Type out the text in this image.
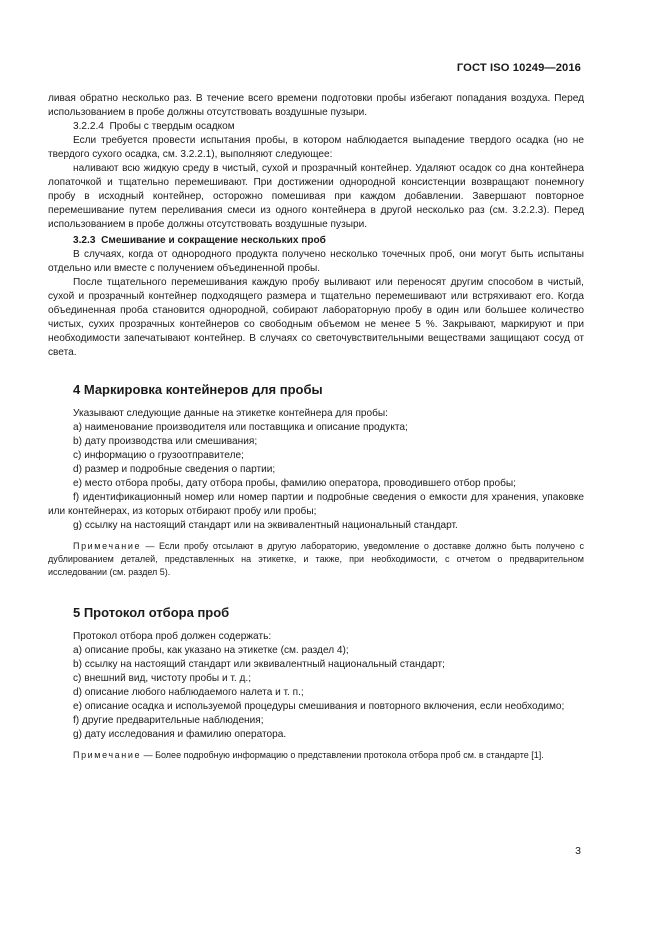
ГОСТ ISO 10249—2016

ливая обратно несколько раз. В течение всего времени подготовки пробы избегают попадания воздуха. Перед использованием в пробе должны отсутствовать воздушные пузыри.

3.2.2.4 Пробы с твердым осадком

Если требуется провести испытания пробы, в котором наблюдается выпадение твердого осадка (но не твердого сухого осадка, см. 3.2.2.1), выполняют следующее:

наливают всю жидкую среду в чистый, сухой и прозрачный контейнер. Удаляют осадок со дна контейнера лопаточкой и тщательно перемешивают. При достижении однородной консистенции возвращают понемногу пробу в исходный контейнер, осторожно помешивая при каждом добавлении. Завершают повторное перемешивание путем переливания смеси из одного контейнера в другой несколько раз (см. 3.2.2.3). Перед использованием в пробе должны отсутствовать воздушные пузыри.

3.2.3 Смешивание и сокращение нескольких проб

В случаях, когда от однородного продукта получено несколько точечных проб, они могут быть испытаны отдельно или вместе с получением объединенной пробы.

После тщательного перемешивания каждую пробу выливают или переносят другим способом в чистый, сухой и прозрачный контейнер подходящего размера и тщательно перемешивают или встряхивают его. Когда объединенная проба становится однородной, собирают лабораторную пробу в один или большее количество чистых, сухих прозрачных контейнеров со свободным объемом не менее 5 %. Закрывают, маркируют и при необходимости запечатывают контейнер. В случаях со светочувствительными веществами защищают сосуд от света.

4 Маркировка контейнеров для пробы

Указывают следующие данные на этикетке контейнера для пробы:

a) наименование производителя или поставщика и описание продукта;

b) дату производства или смешивания;

c) информацию о грузоотправителе;

d) размер и подробные сведения о партии;

e) место отбора пробы, дату отбора пробы, фамилию оператора, проводившего отбор пробы;

f) идентификационный номер или номер партии и подробные сведения о емкости для хранения, упаковке или контейнерах, из которых отбирают пробу или пробы;

g) ссылку на настоящий стандарт или на эквивалентный национальный стандарт.

Примечание — Если пробу отсылают в другую лабораторию, уведомление о доставке должно быть получено с дублированием деталей, представленных на этикетке, и также, при необходимости, с отчетом о предварительном исследовании (см. раздел 5).

5 Протокол отбора проб

Протокол отбора проб должен содержать:

a) описание пробы, как указано на этикетке (см. раздел 4);

b) ссылку на настоящий стандарт или эквивалентный национальный стандарт;

c) внешний вид, чистоту пробы и т. д.;

d) описание любого наблюдаемого налета и т. п.;

e) описание осадка и используемой процедуры смешивания и повторного включения, если необходимо;

f) другие предварительные наблюдения;

g) дату исследования и фамилию оператора.

Примечание — Более подробную информацию о представлении протокола отбора проб см. в стандарте [1].

3
